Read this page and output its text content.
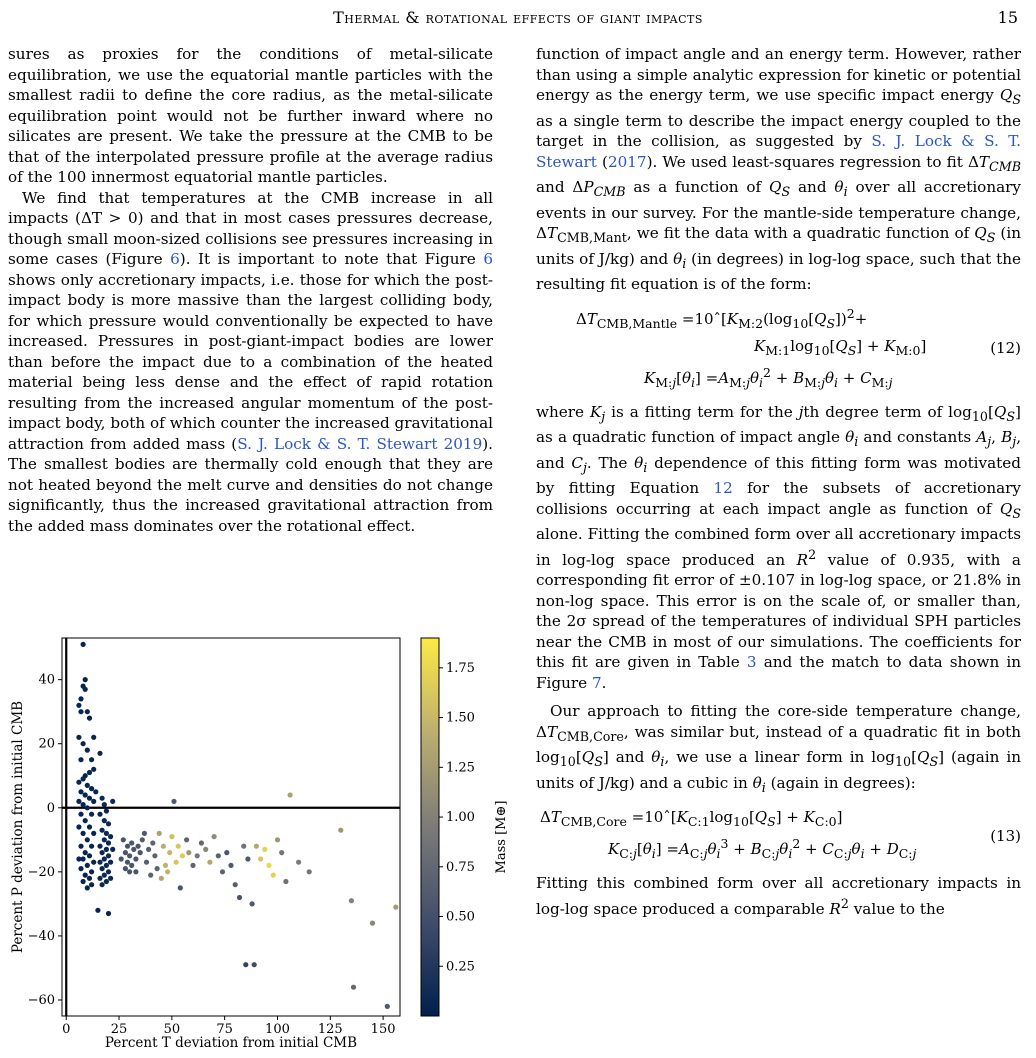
Thermal & rotational effects of giant impacts	15

sures as proxies for the conditions of metal-silicate equilibration, we use the equatorial mantle particles with the smallest radii to define the core radius, as the metal-silicate equilibration point would not be further inward where no silicates are present. We take the pressure at the CMB to be that of the interpolated pressure profile at the average radius of the 100 innermost equatorial mantle particles.

We find that temperatures at the CMB increase in all impacts (ΔT > 0) and that in most cases pressures decrease, though small moon-sized collisions see pressures increasing in some cases (Figure 6). It is important to note that Figure 6 shows only accretionary impacts, i.e. those for which the post-impact body is more massive than the largest colliding body, for which pressure would conventionally be expected to have increased. Pressures in post-giant-impact bodies are lower than before the impact due to a combination of the heated material being less dense and the effect of rapid rotation resulting from the increased angular momentum of the post-impact body, both of which counter the increased gravitational attraction from added mass (S. J. Lock & S. T. Stewart 2019). The smallest bodies are thermally cold enough that they are not heated beyond the melt curve and densities do not change significantly, thus the increased gravitational attraction from the added mass dominates over the rotational effect.

function of impact angle and an energy term. However, rather than using a simple analytic expression for kinetic or potential energy as the energy term, we use specific impact energy $Q_S$ as a single term to describe the impact energy coupled to the target in the collision, as suggested by S. J. Lock & S. T. Stewart (2017). We used least-squares regression to fit $\Delta T_{CMB}$ and $\Delta P_{CMB}$ as a function of $Q_S$ and $\theta_i$ over all accretionary events in our survey. For the mantle-side temperature change, $\Delta T_{CMB,Mant}$, we fit the data with a quadratic function of $Q_S$ (in units of J/kg) and $\theta_i$ (in degrees) in log-log space, such that the resulting fit equation is of the form:

$\Delta T_{CMB,Mantle}$ $=10ˆ[K_{M:2}(\log_{10}[Q_S])^2+$
$K_{M:1}\log_{10}[Q_S] + K_{M:0}$]
$K_{M:j}[\theta_i] =A_{M:j}\theta_i^2 + B_{M:j}\theta_i + C_{M:j}$
(12)

where $K_j$ is a fitting term for the jth degree term of $\log_{10}[Q_S]$ as a quadratic function of impact angle $\theta_i$ and constants $A_j$, $B_j$, and $C_j$. The $\theta_i$ dependence of this fitting form was motivated by fitting Equation 12 for the subsets of accretionary collisions occurring at each impact angle as function of $Q_S$ alone. Fitting the combined form over all accretionary impacts in log-log space produced an $R^2$ value of 0.935, with a corresponding fit error of ±0.107 in log-log space, or 21.8% in non-log space. This error is on the scale of, or smaller than, the 2σ spread of the temperatures of individual SPH particles near the CMB in most of our simulations. The coefficients for this fit are given in Table 3 and the match to data shown in Figure 7.

Our approach to fitting the core-side temperature change, $\Delta T_{CMB,Core}$, was similar but, instead of a quadratic fit in both $\log_{10}[Q_S]$ and $\theta_i$, we use a linear form in $\log_{10}[Q_S]$ (again in units of J/kg) and a cubic in $\theta_i$ (again in degrees):

$\Delta T_{CMB,Core}$ $=10ˆ[K_{C:1}\log_{10}[Q_S] + K_{C:0}]$
$K_{C:j}[\theta_i] =A_{C:j}\theta_i^3 + B_{C:j}\theta_i^2 + C_{C:j}\theta_i + D_{C:j}$
(13)

Fitting this combined form over all accretionary impacts in log-log space produced a comparable $R^2$ value to the

0	25	50	75 100 125 150
−60
−40
−20
0
20
40
Percent T deviation from initial CMB
Percent P deviation from initial CMB
0.25
0.50
0.75
1.00
1.25
1.50
1.75
Mass [M⊕]
